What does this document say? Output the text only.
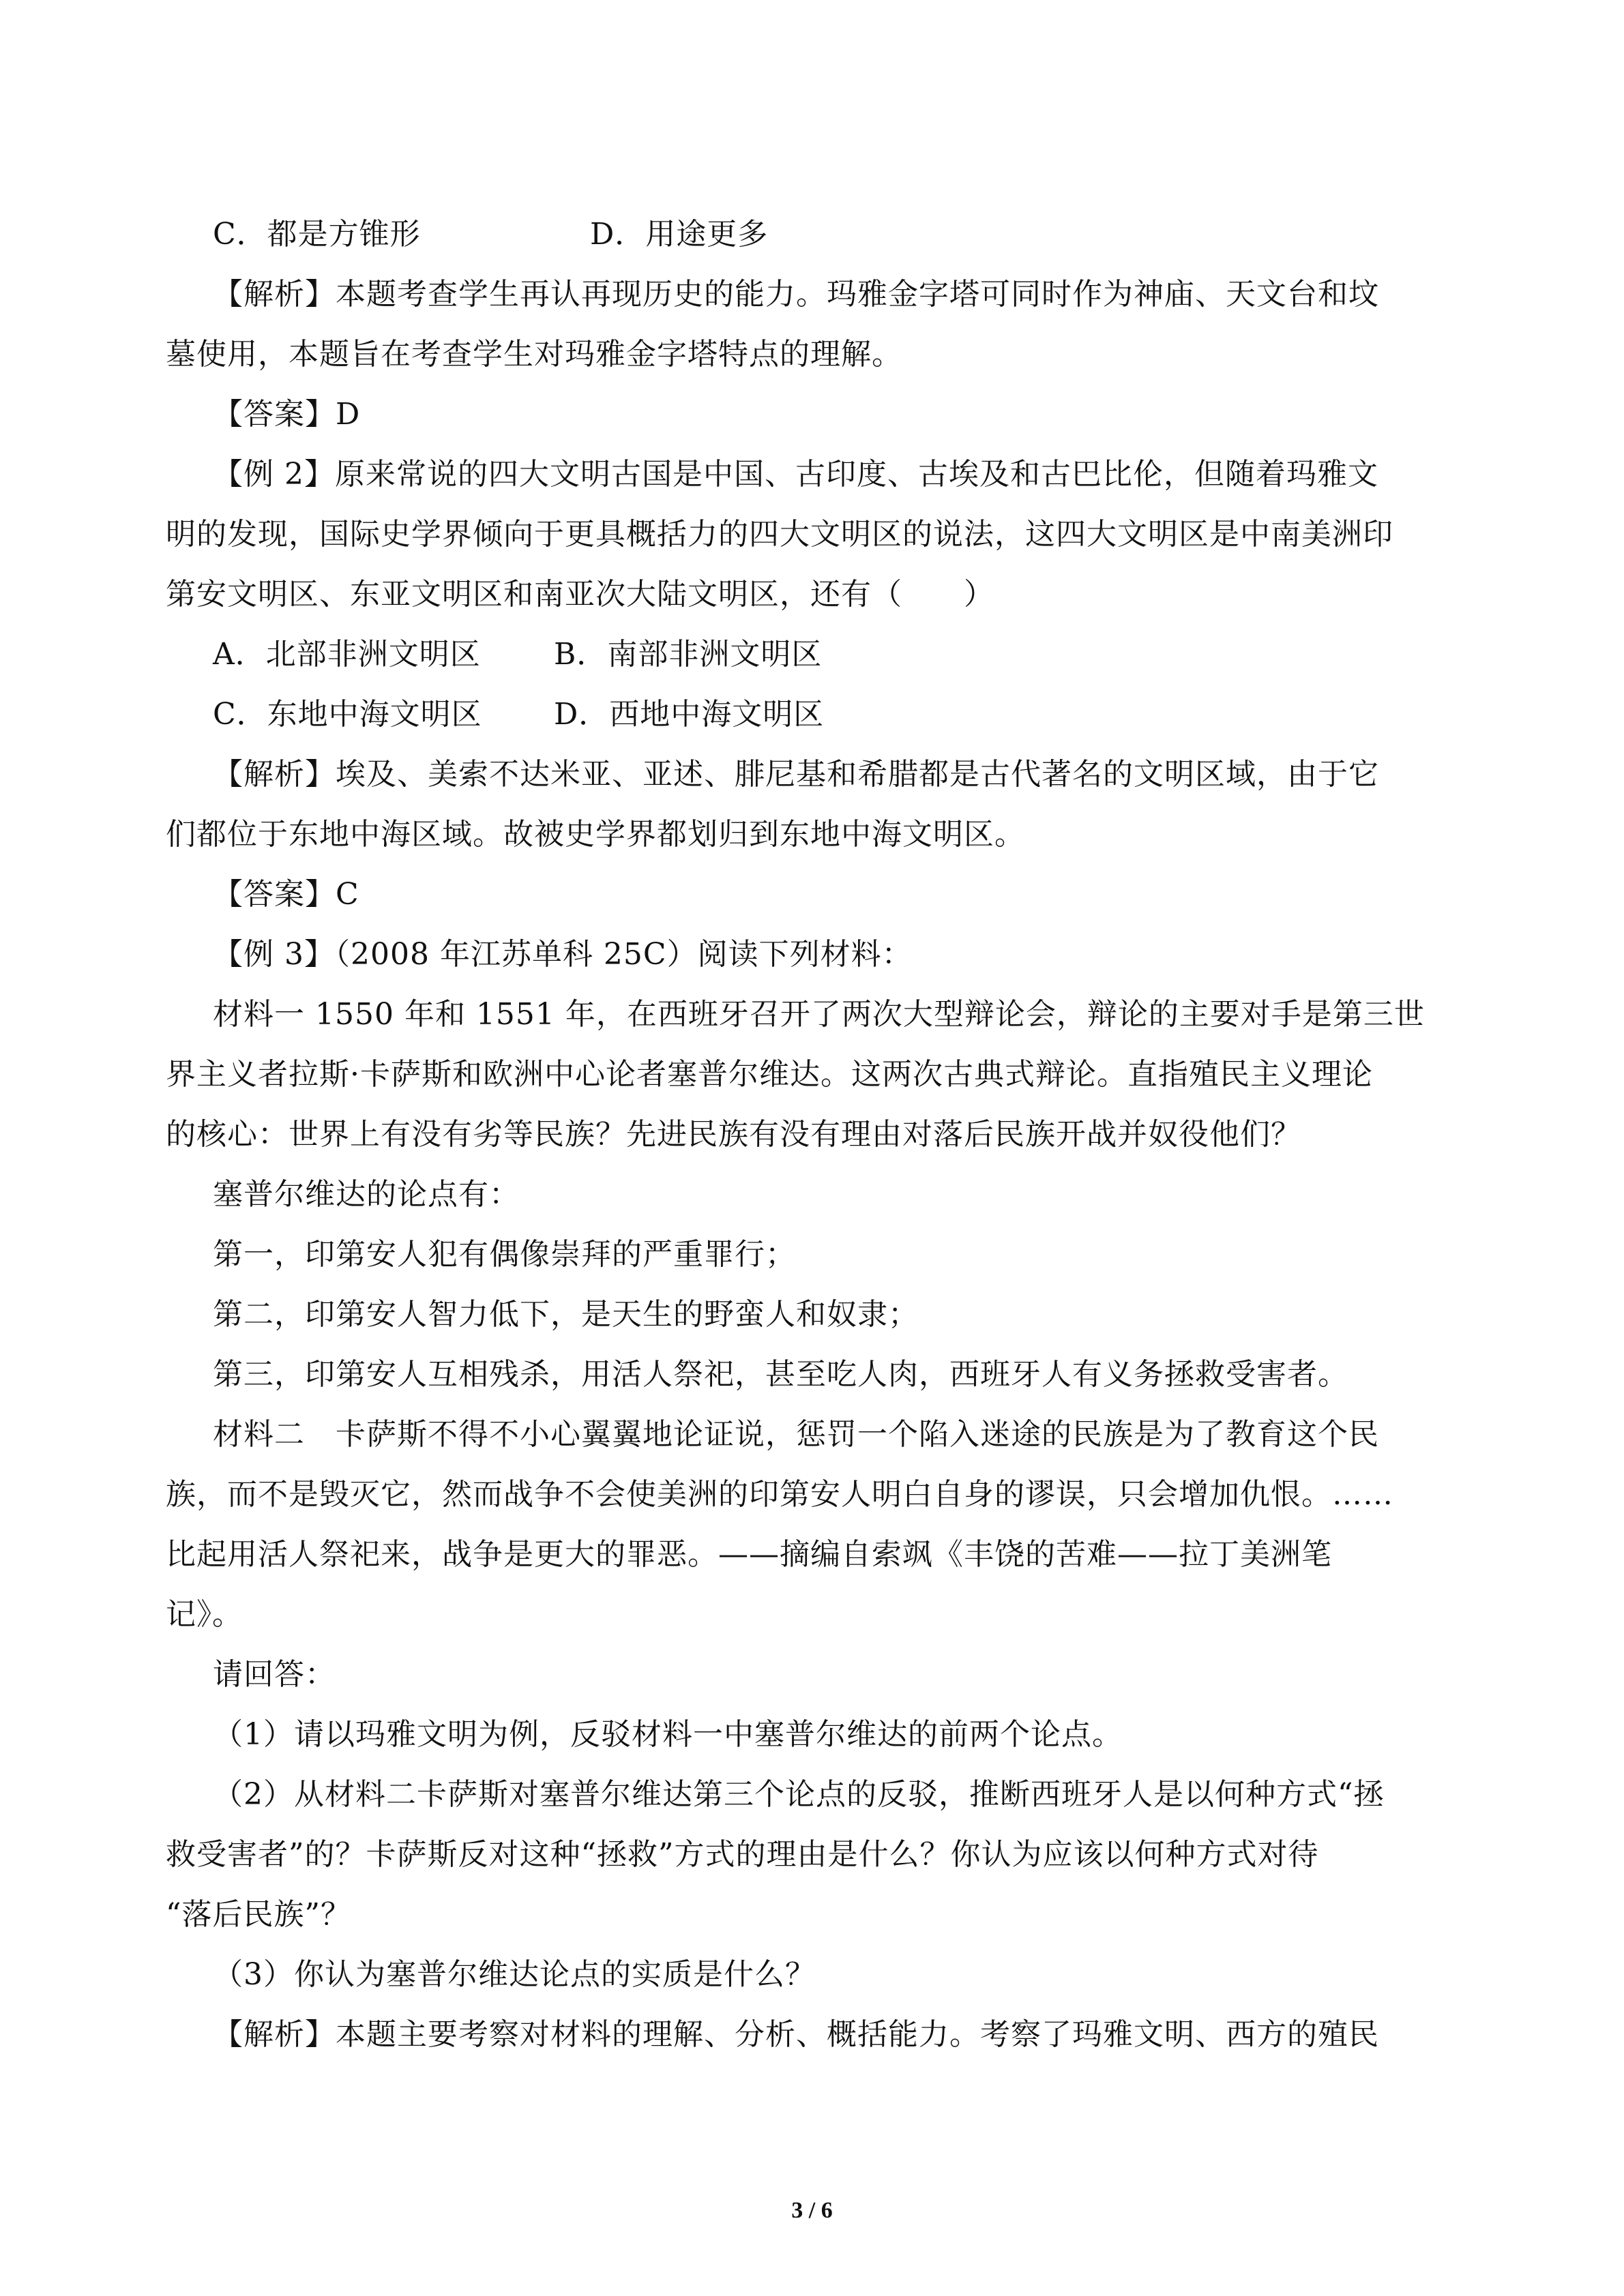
C．都是方锥形	D．用途更多
【解析】本题考查学生再认再现历史的能力。玛雅金字塔可同时作为神庙、天文台和坟
墓使用，本题旨在考查学生对玛雅金字塔特点的理解。
【答案】D
【例 2】原来常说的四大文明古国是中国、古印度、古埃及和古巴比伦，但随着玛雅文
明的发现，国际史学界倾向于更具概括力的四大文明区的说法，这四大文明区是中南美洲印
第安文明区、东亚文明区和南亚次大陆文明区，还有（　　）
A．北部非洲文明区 B．南部非洲文明区
C．东地中海文明区 D．西地中海文明区
【解析】埃及、美索不达米亚、亚述、腓尼基和希腊都是古代著名的文明区域，由于它
们都位于东地中海区域。故被史学界都划归到东地中海文明区。
【答案】C
【例 3】（2008 年江苏单科 25C）阅读下列材料：
材料一 1550 年和 1551 年，在西班牙召开了两次大型辩论会，辩论的主要对手是第三世
界主义者拉斯·卡萨斯和欧洲中心论者塞普尔维达。这两次古典式辩论。直指殖民主义理论
的核心：世界上有没有劣等民族？先进民族有没有理由对落后民族开战并奴役他们？
塞普尔维达的论点有：
第一，印第安人犯有偶像崇拜的严重罪行；
第二，印第安人智力低下，是天生的野蛮人和奴隶；
第三，印第安人互相残杀，用活人祭祀，甚至吃人肉，西班牙人有义务拯救受害者。
材料二　卡萨斯不得不小心翼翼地论证说，惩罚一个陷入迷途的民族是为了教育这个民
族，而不是毁灭它，然而战争不会使美洲的印第安人明白自身的谬误，只会增加仇恨。……
比起用活人祭祀来，战争是更大的罪恶。——摘编自索飒《丰饶的苦难——拉丁美洲笔
记》。
请回答：
（1）请以玛雅文明为例，反驳材料一中塞普尔维达的前两个论点。
（2）从材料二卡萨斯对塞普尔维达第三个论点的反驳，推断西班牙人是以何种方式“拯
救受害者”的？卡萨斯反对这种“拯救”方式的理由是什么？你认为应该以何种方式对待
“落后民族”？
（3）你认为塞普尔维达论点的实质是什么？
【解析】本题主要考察对材料的理解、分析、概括能力。考察了玛雅文明、西方的殖民
3 / 6
